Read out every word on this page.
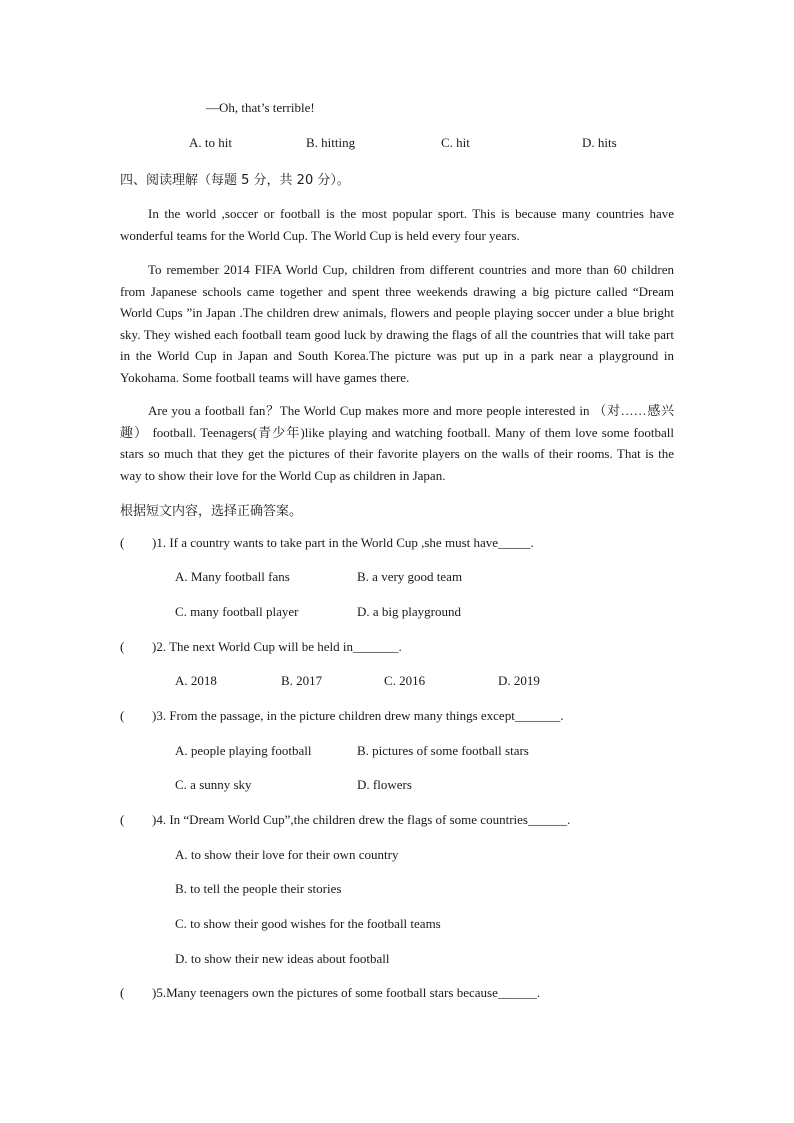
—Oh, that’s terrible!
A. to hit	B. hitting	C. hit	D. hits
四、阅读理解（每题 5 分，共 20 分）。

In the world ,soccer or football is the most popular sport. This is because many countries have wonderful teams for the World Cup. The World Cup is held every four years.

To remember 2014 FIFA World Cup, children from different countries and more than 60 children from Japanese schools came together and spent three weekends drawing a big picture called “Dream World Cups ”in Japan .The children drew animals, flowers and people playing soccer under a blue bright sky. They wished each football team good luck by drawing the flags of all the countries that will take part in the World Cup in Japan and South Korea.The picture was put up in a park near a playground in Yokohama. Some football teams will have games there.

Are you a football fan？The World Cup makes more and more people interested in （对……感兴趣） football. Teenagers(青少年)like playing and watching football. Many of them love some football stars so much that they get the pictures of their favorite players on the walls of their rooms. That is the way to show their love for the World Cup as children in Japan.

根据短文内容，选择正确答案。
( )1. If a country wants to take part in the World Cup ,she must have_____.
A. Many football fans	B. a very good team
C. many football player	D. a big playground
( )2. The next World Cup will be held in_______.
A. 2018	B. 2017	C. 2016	D. 2019
( )3. From the passage, in the picture children drew many things except_______.
A. people playing football	B. pictures of some football stars
C. a sunny sky	D. flowers
( )4. In “Dream World Cup”,the children drew the flags of some countries______.
A. to show their love for their own country
B. to tell the people their stories
C. to show their good wishes for the football teams
D. to show their new ideas about football
( )5.Many teenagers own the pictures of some football stars because______.
